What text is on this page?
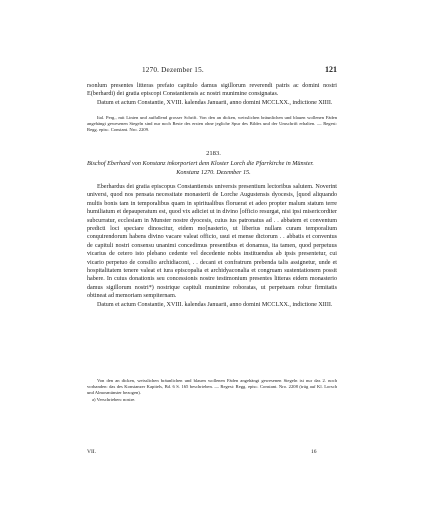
1270. Dezember 15.	121

rsonlum presentes litteras prefato capitulo damus sigillorum reverendi patris ac domini nostri E(berhardi) dei gratia episcopi Constantiensis ac nostri munimine consignatas.

Datum et actum Constantie, XVIII. kalendas Januarii, anno domini MCCLXX., indictione XIIII.

Ital. Perg., mit Linien und auffallend grosser Schrift. Von den an dicken, weisslichen bräunlichen und blauen wollenen Fäden angehängt gewesenen Siegeln sind nur noch Reste des ersten ohne jegliche Spur des Bildes und der Umschrift erhalten. — Regest: Regg. episc. Constant. Nro. 2209.

2183.
Bischof Eberhard von Konstanz inkorporiert dem Kloster Lorch die Pfarrkirche in Münster.
Konstanz 1270. Dezember 15.

Eberhardus dei gratia episcopus Constantiensis universis presentium lectoribus salutem. Noverint universi, quod nos pensata necessitate monasterii de Lorche Augustensis dyocesis, [quod aliquando multis bonis tam in temporalibus quam in spiritualibus floruerat et adeo propter malum statum terre humiliatum et depauperatum est, quod vix adiciet ut in divino [officio resurgat, nisi ipsi misericorditer subcurratur, ecclesiam in Munster nostre dyocesis, cuius ius patronatus ad . . abbatem et conventum predicti loci speciare dinoscitur, eidem mo[nasterio, ut liberius nullam curam temporalium conquirendorum habens divino vacare valeat officio, usui et mense dictorum . . abbatis et conventus de capituli nostri consensu unanimi concedimus presentibus et donamus, ita tamen, quod perpetuus vicarius de cetero isto plebano cedente vel decedente nobis instituendus ab ipsis presentetur, cui vicario perpetuo de consilio archidiaconi, . . decani et confratrum prebenda talis assignetur, unde et hospitalitatem tenere valeat et iura episcopalia et archidyaconalia et congruam sustentationem possit habere. In cuius donationis seu concessionis nostre testimonium presentes litteras eidem monasterio damus sigillorum nostri*) nostrique capituli munimine roboratas, ut perpetuam robur firmitatis obtineat ad memoriam sempiternam.

Datum et actum Constantie, XVIII. kalendas Januarii, anno domini MCCLXX., indictione XIIII.

Von den an dicken, weisslichen bräunlichen und blauen wollenen Fäden angehängt gewesenen Siegeln ist nur das 2. noch vorhanden: das des Konstanzer Kapitels, Bd. 6 S. 165 beschrieben. — Regest: Regg. episc. Constant. Nro. 2208 (trüg auf Kl. Lorsch und Almosmünster bezogen).

a) Verschrieben: nostre.
VII.	16
